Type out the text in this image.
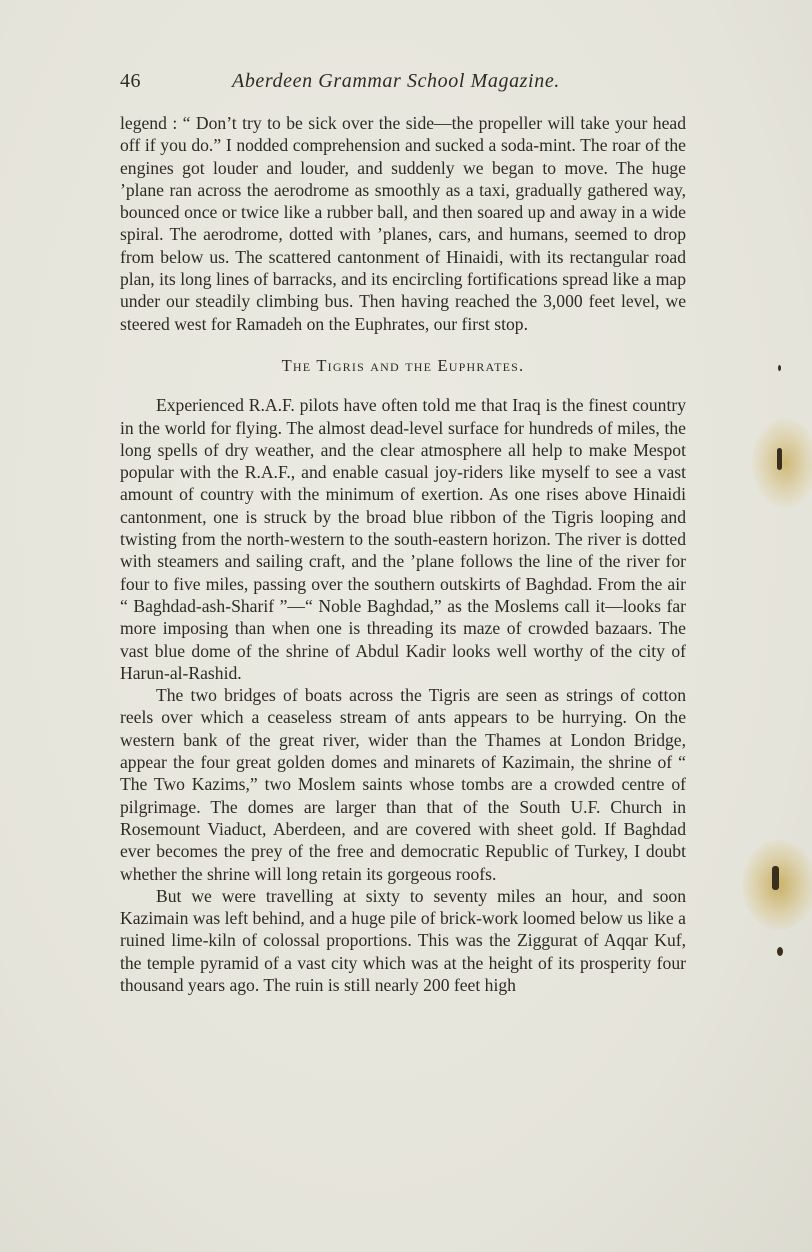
46	Aberdeen Grammar School Magazine.

legend : “ Don’t try to be sick over the side—the propeller will take your head off if you do.” I nodded comprehension and sucked a soda-mint. The roar of the engines got louder and louder, and suddenly we began to move. The huge ’plane ran across the aerodrome as smoothly as a taxi, gradually gathered way, bounced once or twice like a rubber ball, and then soared up and away in a wide spiral. The aerodrome, dotted with ’planes, cars, and humans, seemed to drop from below us. The scattered cantonment of Hinaidi, with its rectangular road plan, its long lines of barracks, and its encircling fortifications spread like a map under our steadily climbing bus. Then having reached the 3,000 feet level, we steered west for Ramadeh on the Euphrates, our first stop.

The Tigris and the Euphrates.

Experienced R.A.F. pilots have often told me that Iraq is the finest country in the world for flying. The almost dead-level surface for hundreds of miles, the long spells of dry weather, and the clear atmosphere all help to make Mespot popular with the R.A.F., and enable casual joy-riders like myself to see a vast amount of country with the minimum of exertion. As one rises above Hinaidi cantonment, one is struck by the broad blue ribbon of the Tigris looping and twisting from the north-western to the south-eastern horizon. The river is dotted with steamers and sailing craft, and the ’plane follows the line of the river for four to five miles, passing over the southern outskirts of Baghdad. From the air “ Baghdad-ash-Sharif ”—“ Noble Baghdad,” as the Moslems call it—looks far more imposing than when one is threading its maze of crowded bazaars. The vast blue dome of the shrine of Abdul Kadir looks well worthy of the city of Harun-al-Rashid.

The two bridges of boats across the Tigris are seen as strings of cotton reels over which a ceaseless stream of ants appears to be hurrying. On the western bank of the great river, wider than the Thames at London Bridge, appear the four great golden domes and minarets of Kazimain, the shrine of “ The Two Kazims,” two Moslem saints whose tombs are a crowded centre of pilgrimage. The domes are larger than that of the South U.F. Church in Rosemount Viaduct, Aberdeen, and are covered with sheet gold. If Baghdad ever becomes the prey of the free and democratic Republic of Turkey, I doubt whether the shrine will long retain its gorgeous roofs.

But we were travelling at sixty to seventy miles an hour, and soon Kazimain was left behind, and a huge pile of brick-work loomed below us like a ruined lime-kiln of colossal proportions. This was the Ziggurat of Aqqar Kuf, the temple pyramid of a vast city which was at the height of its prosperity four thousand years ago. The ruin is still nearly 200 feet high
